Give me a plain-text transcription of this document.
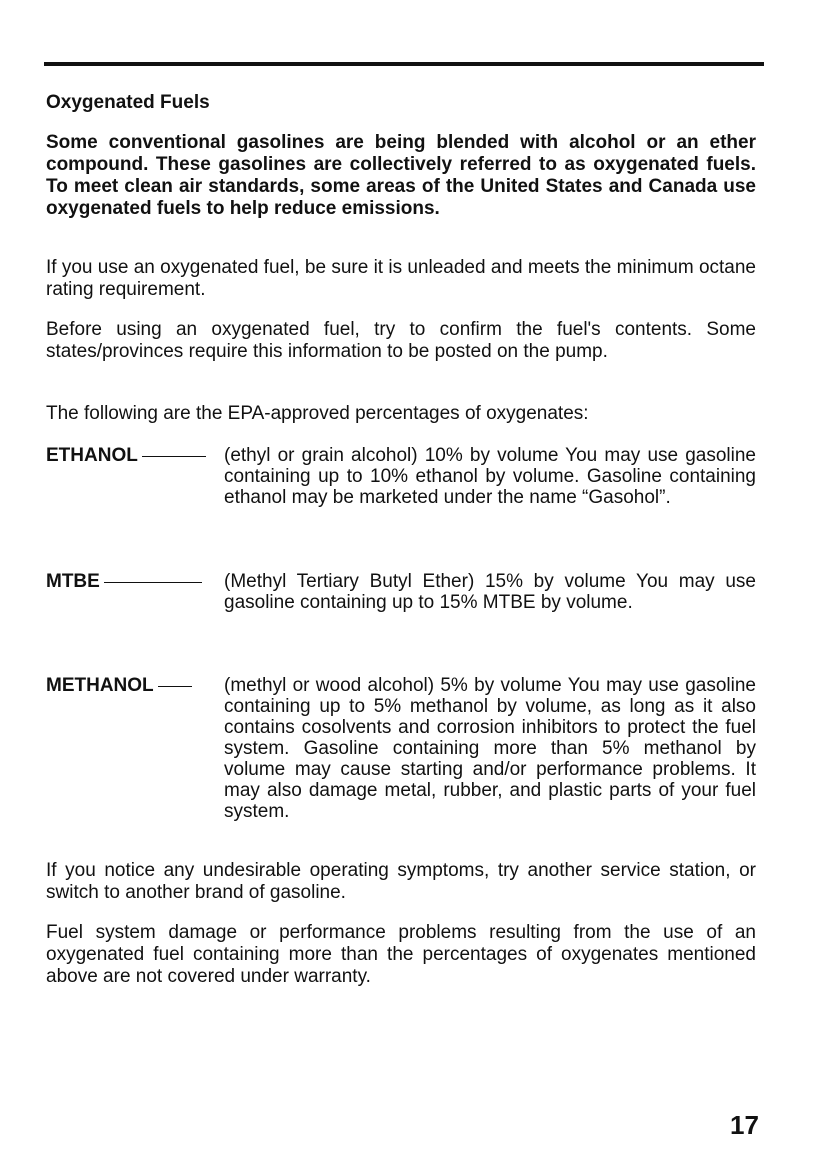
Oxygenated Fuels

Some conventional gasolines are being blended with alcohol or an ether compound. These gasolines are collectively referred to as oxygenated fuels. To meet clean air standards, some areas of the United States and Canada use oxygenated fuels to help reduce emissions.

If you use an oxygenated fuel, be sure it is unleaded and meets the minimum octane rating requirement.

Before using an oxygenated fuel, try to confirm the fuel's contents. Some states/provinces require this information to be posted on the pump.

The following are the EPA-approved percentages of oxygenates:

ETHANOL	(ethyl or grain alcohol) 10% by volume You may use gasoline containing up to 10% ethanol by volume. Gasoline containing ethanol may be marketed under the name “Gasohol”.

MTBE	(Methyl Tertiary Butyl Ether) 15% by volume You may use gasoline containing up to 15% MTBE by volume.

METHANOL	(methyl or wood alcohol) 5% by volume You may use gasoline containing up to 5% methanol by volume, as long as it also contains cosolvents and corrosion inhibitors to protect the fuel system. Gasoline containing more than 5% methanol by volume may cause starting and/or performance problems. It may also damage metal, rubber, and plastic parts of your fuel system.

If you notice any undesirable operating symptoms, try another service station, or switch to another brand of gasoline.

Fuel system damage or performance problems resulting from the use of an oxygenated fuel containing more than the percentages of oxygenates mentioned above are not covered under warranty.

17
